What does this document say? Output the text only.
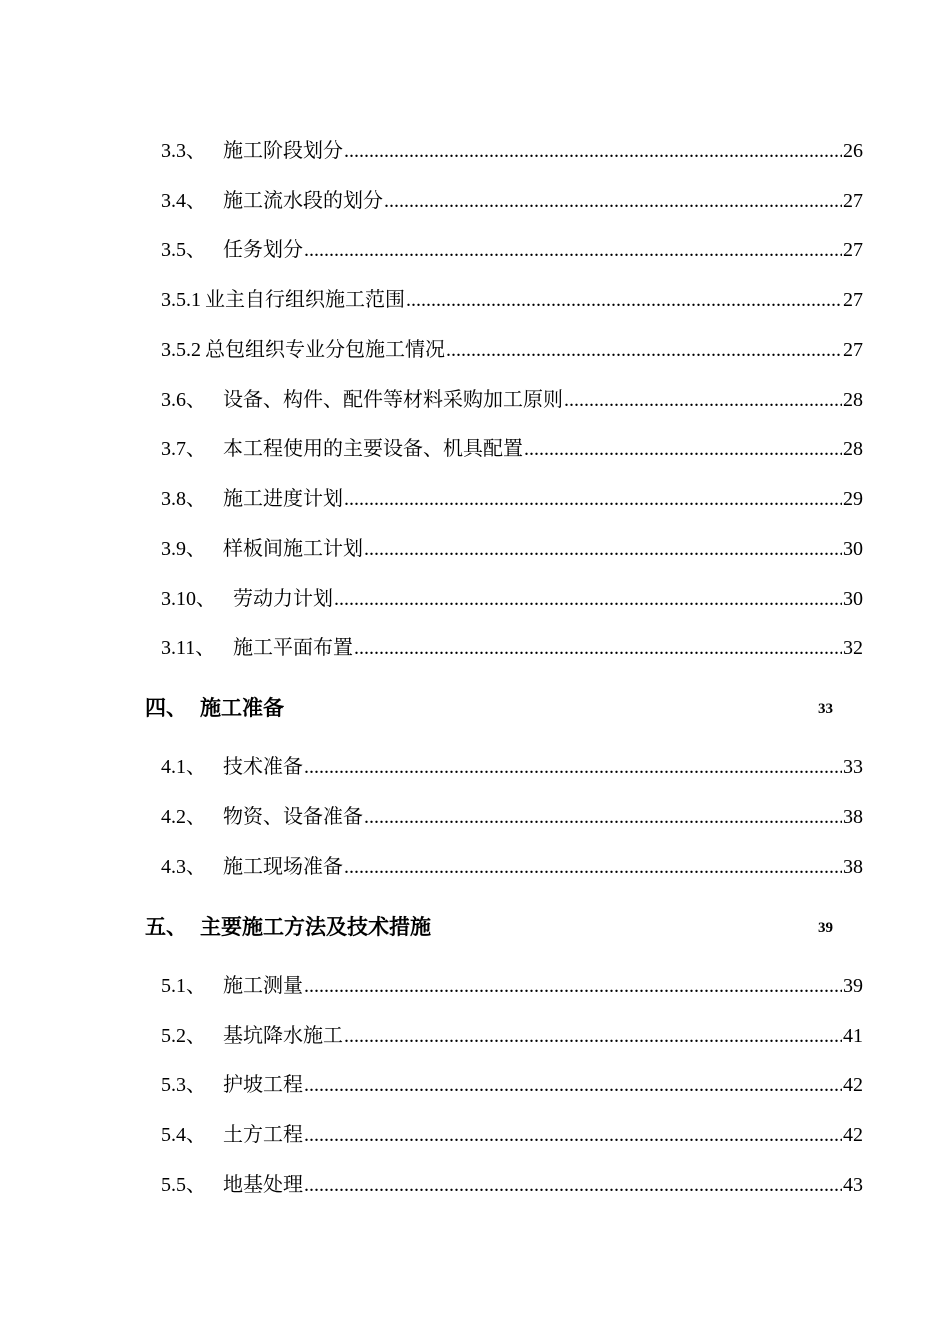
3.3、 施工阶段划分 .....	26
3.4、 施工流水段的划分 .....	27
3.5、 任务划分 .....	27
3.5.1 业主自行组织施工范围 .....	27
3.5.2 总包组织专业分包施工情况 .....	27
3.6、 设备、构件、配件等材料采购加工原则 .....	28
3.7、 本工程使用的主要设备、机具配置 .....	28
3.8、 施工进度计划 .....	29
3.9、 样板间施工计划 .....	30
3.10、 劳动力计划 .....	30
3.11、 施工平面布置 .....	32
四、 施工准备	33
4.1、 技术准备 .....	33
4.2、 物资、设备准备 .....	38
4.3、 施工现场准备 .....	38
五、 主要施工方法及技术措施	39
5.1、 施工测量 .....	39
5.2、 基坑降水施工 .....	41
5.3、 护坡工程 .....	42
5.4、 土方工程 .....	42
5.5、 地基处理 .....	43
